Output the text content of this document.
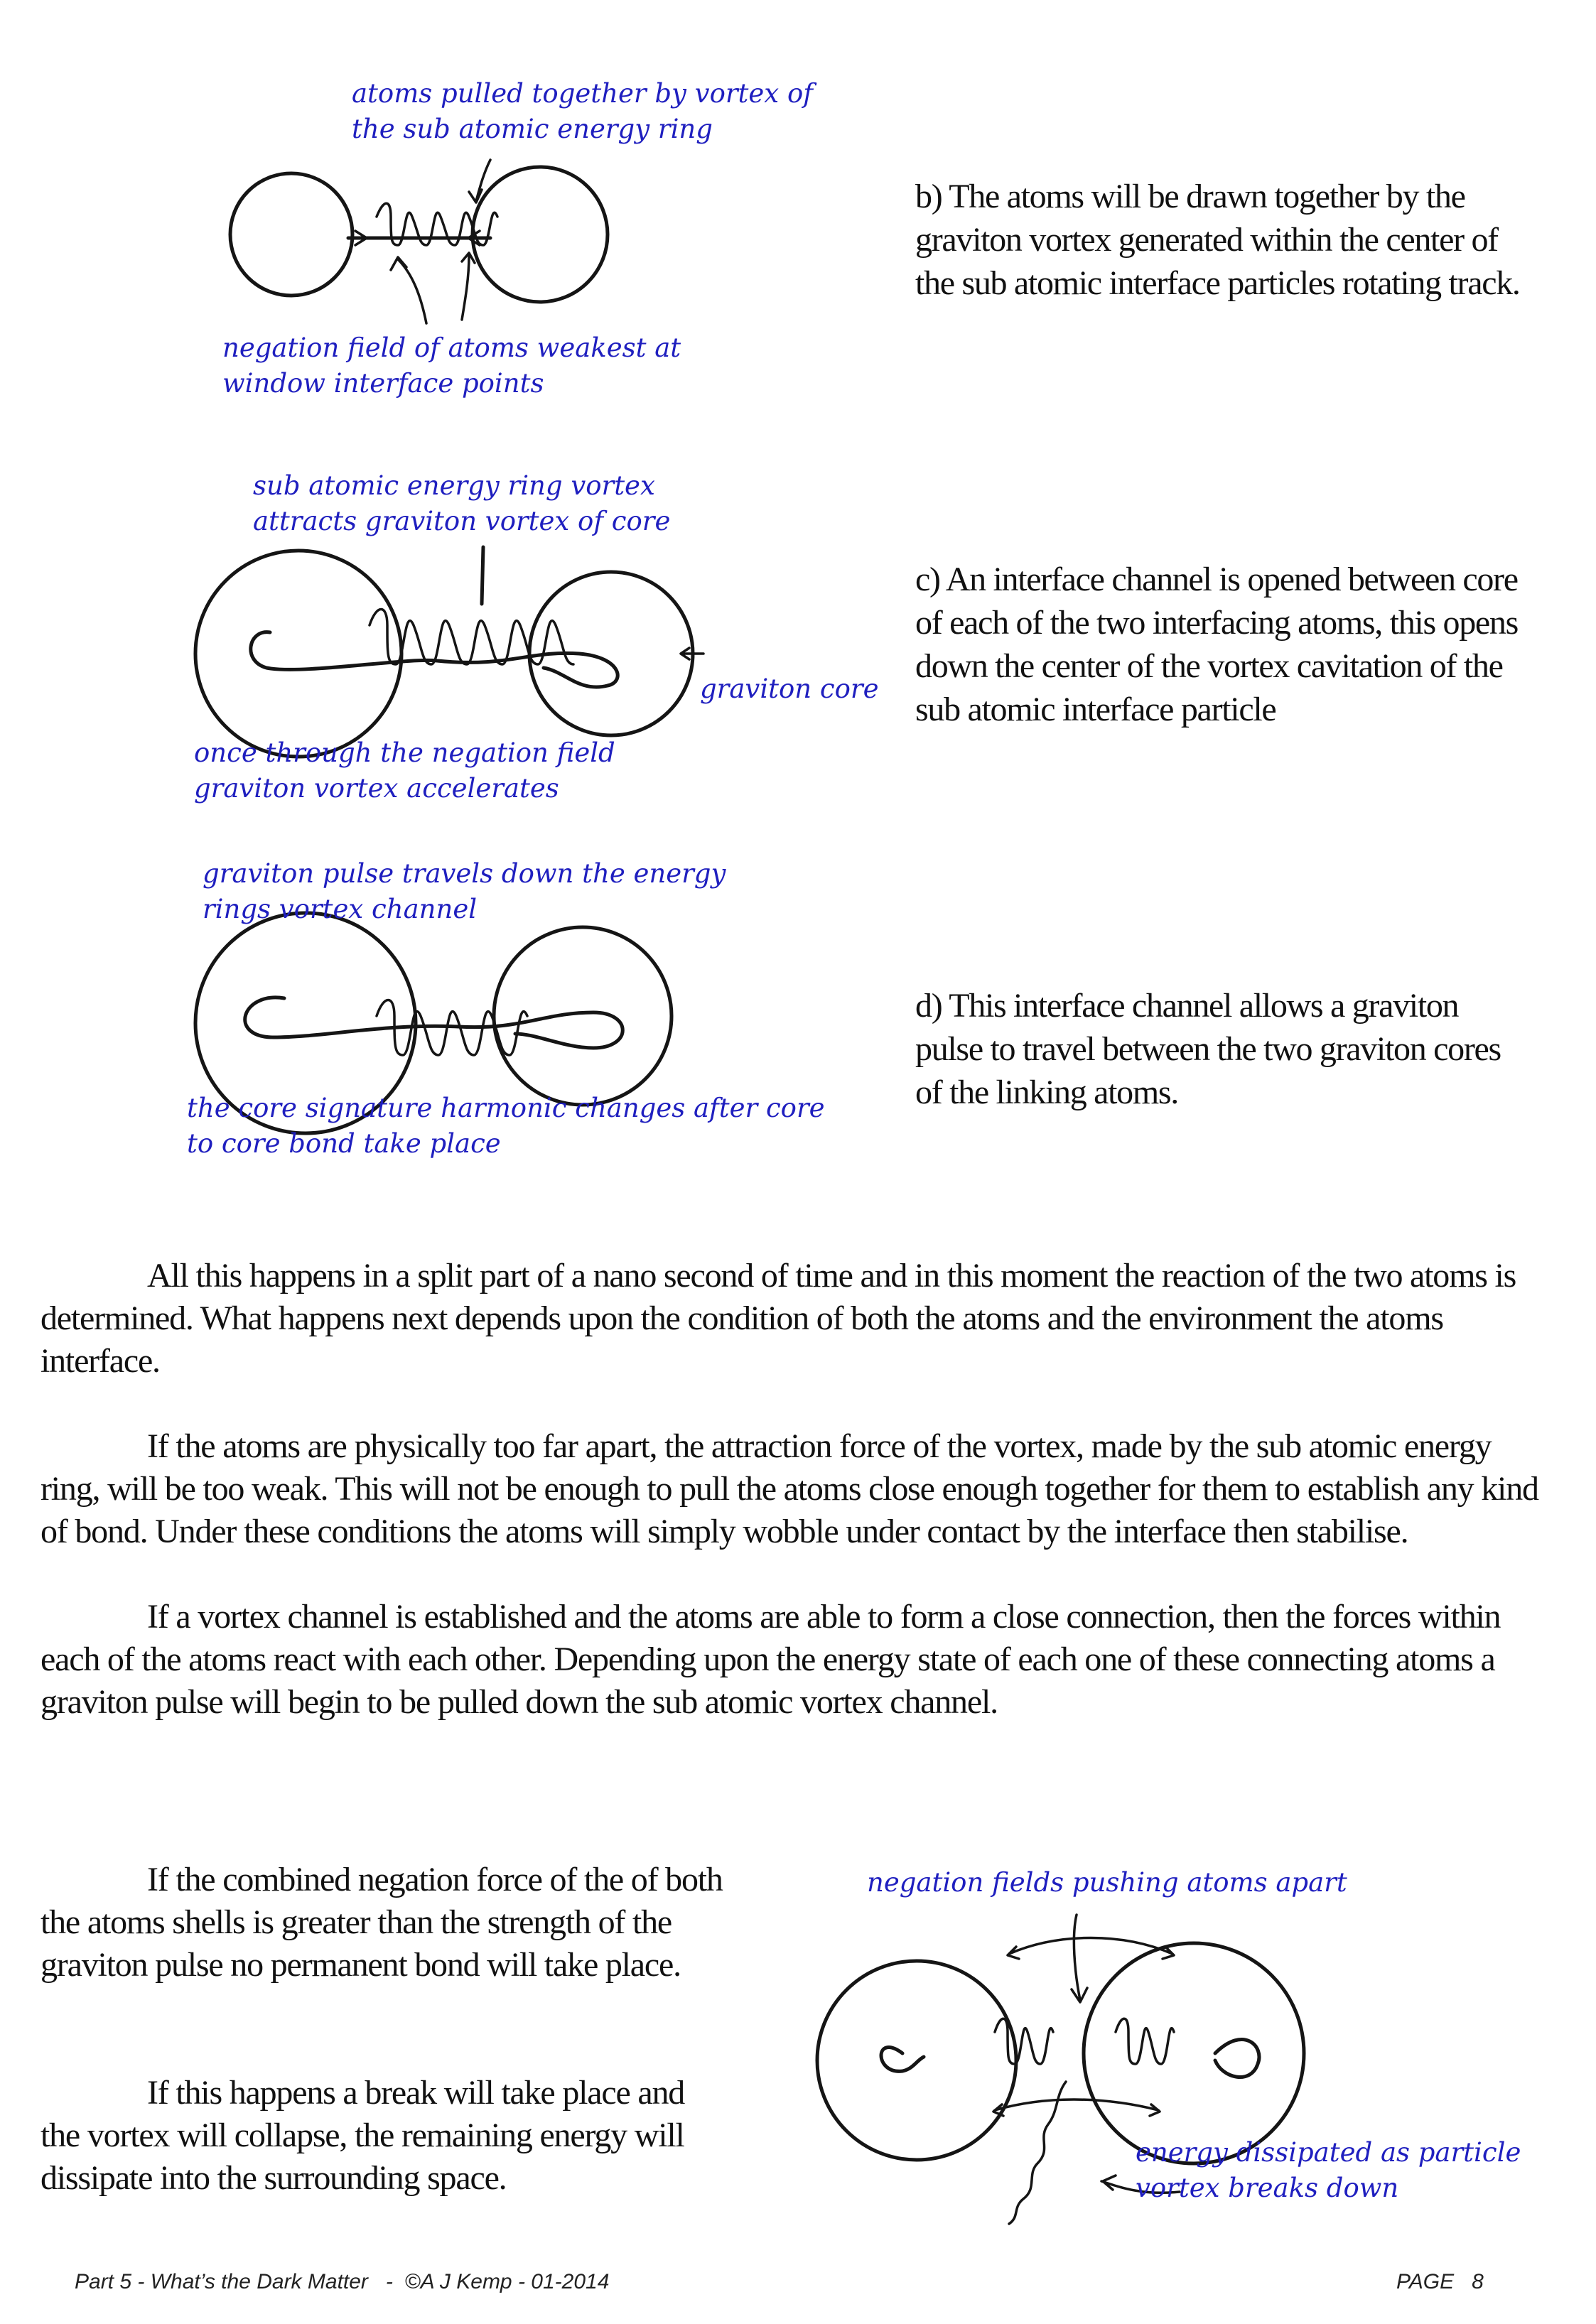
atoms pulled together by vortex of
the sub atomic energy ring
negation field of atoms weakest at
window interface points
b) The atoms will be drawn together by the graviton vortex generated within the center of the sub atomic interface particles rotating track.
sub atomic energy ring vortex
attracts graviton vortex of core
graviton core
once through the negation field
graviton vortex accelerates
c) An interface channel is opened between core of each of the two interfacing atoms, this opens down the center of the vortex cavitation of the sub atomic interface particle
graviton pulse travels down the energy
rings vortex channel
the core signature harmonic changes after core
to core bond take place
d) This interface channel allows a graviton pulse to travel between the two graviton cores of the linking atoms.
All this happens in a split part of a nano second of time and in this moment the reaction of the two atoms is determined. What happens next depends upon the condition of both the atoms and the environment the atoms interface.
If the atoms are physically too far apart, the attraction force of the vortex, made by the sub atomic energy ring, will be too weak. This will not be enough to pull the atoms close enough together for them to establish any kind of bond. Under these conditions the atoms will simply wobble under contact by the interface then stabilise.
If a vortex channel is established and the atoms are able to form a close connection, then the forces within each of the atoms react with each other. Depending upon the energy state of each one of these connecting atoms a graviton pulse will begin to be pulled down the sub atomic vortex channel.
If the combined negation force of the of both the atoms shells is greater than the strength of the graviton pulse no permanent bond will take place.
If this happens a break will take place and the vortex will collapse, the remaining energy will dissipate into the surrounding space.
negation fields pushing atoms apart
energy dissipated as particle
vortex breaks down
Part 5 - What’s the Dark Matter   -  ©A J Kemp - 01-2014	PAGE   8
